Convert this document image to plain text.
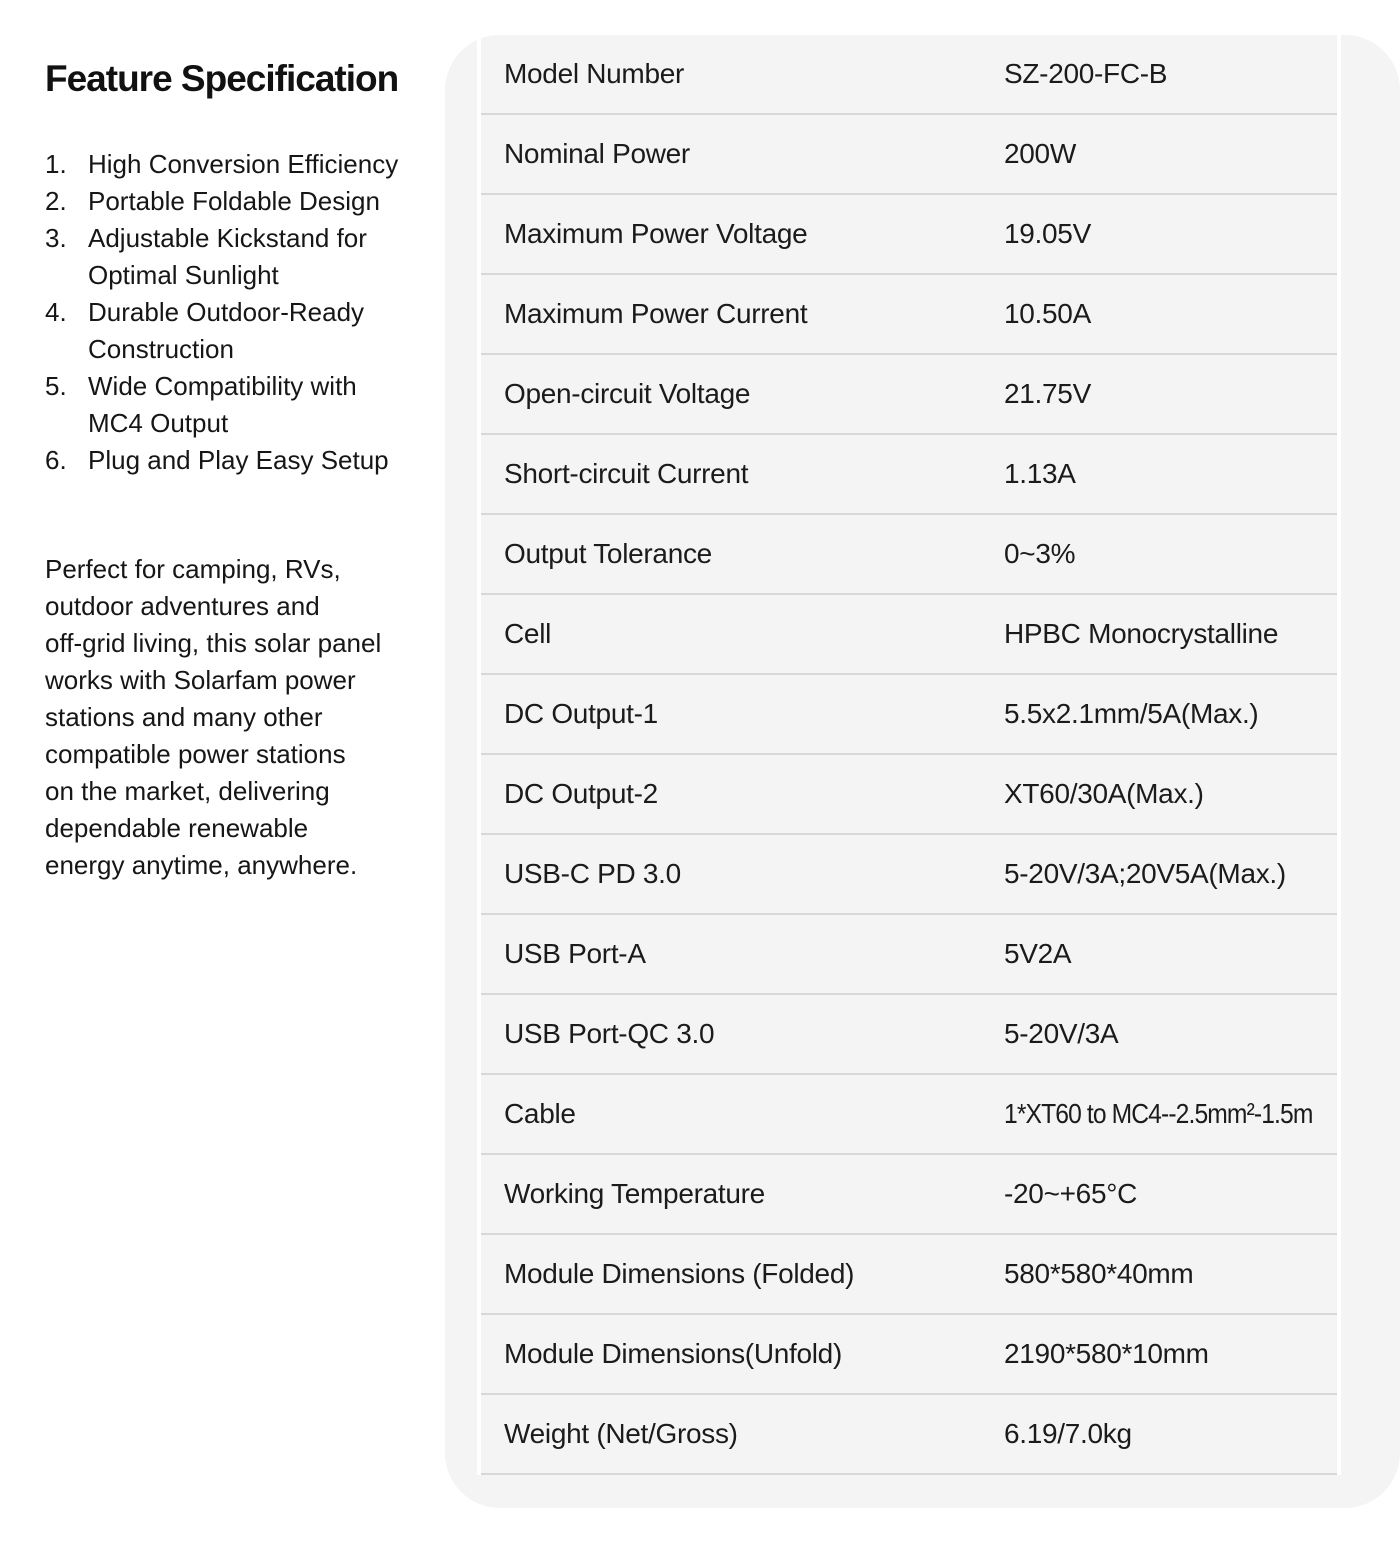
Feature Specification
1. High Conversion Efficiency
2. Portable Foldable Design
3. Adjustable Kickstand for
Optimal Sunlight
4. Durable Outdoor-Ready
Construction
5. Wide Compatibility with
MC4 Output
6. Plug and Play Easy Setup
Perfect for camping, RVs,
outdoor adventures and
off-grid living, this solar panel
works with Solarfam power
stations and many other
compatible power stations
on the market, delivering
dependable renewable
energy anytime, anywhere.
Model Number	SZ-200-FC-B
Nominal Power	200W
Maximum Power Voltage	19.05V
Maximum Power Current	10.50A
Open-circuit Voltage	21.75V
Short-circuit Current	1.13A
Output Tolerance	0~3%
Cell	HPBC Monocrystalline
DC Output-1	5.5x2.1mm/5A(Max.)
DC Output-2	XT60/30A(Max.)
USB-C PD 3.0	5-20V/3A;20V5A(Max.)
USB Port-A	5V2A
USB Port-QC 3.0	5-20V/3A
Cable	1*XT60 to MC4--2.5mm²-1.5m
Working Temperature	-20~+65°C
Module Dimensions (Folded)	580*580*40mm
Module Dimensions(Unfold)	2190*580*10mm
Weight (Net/Gross)	6.19/7.0kg
